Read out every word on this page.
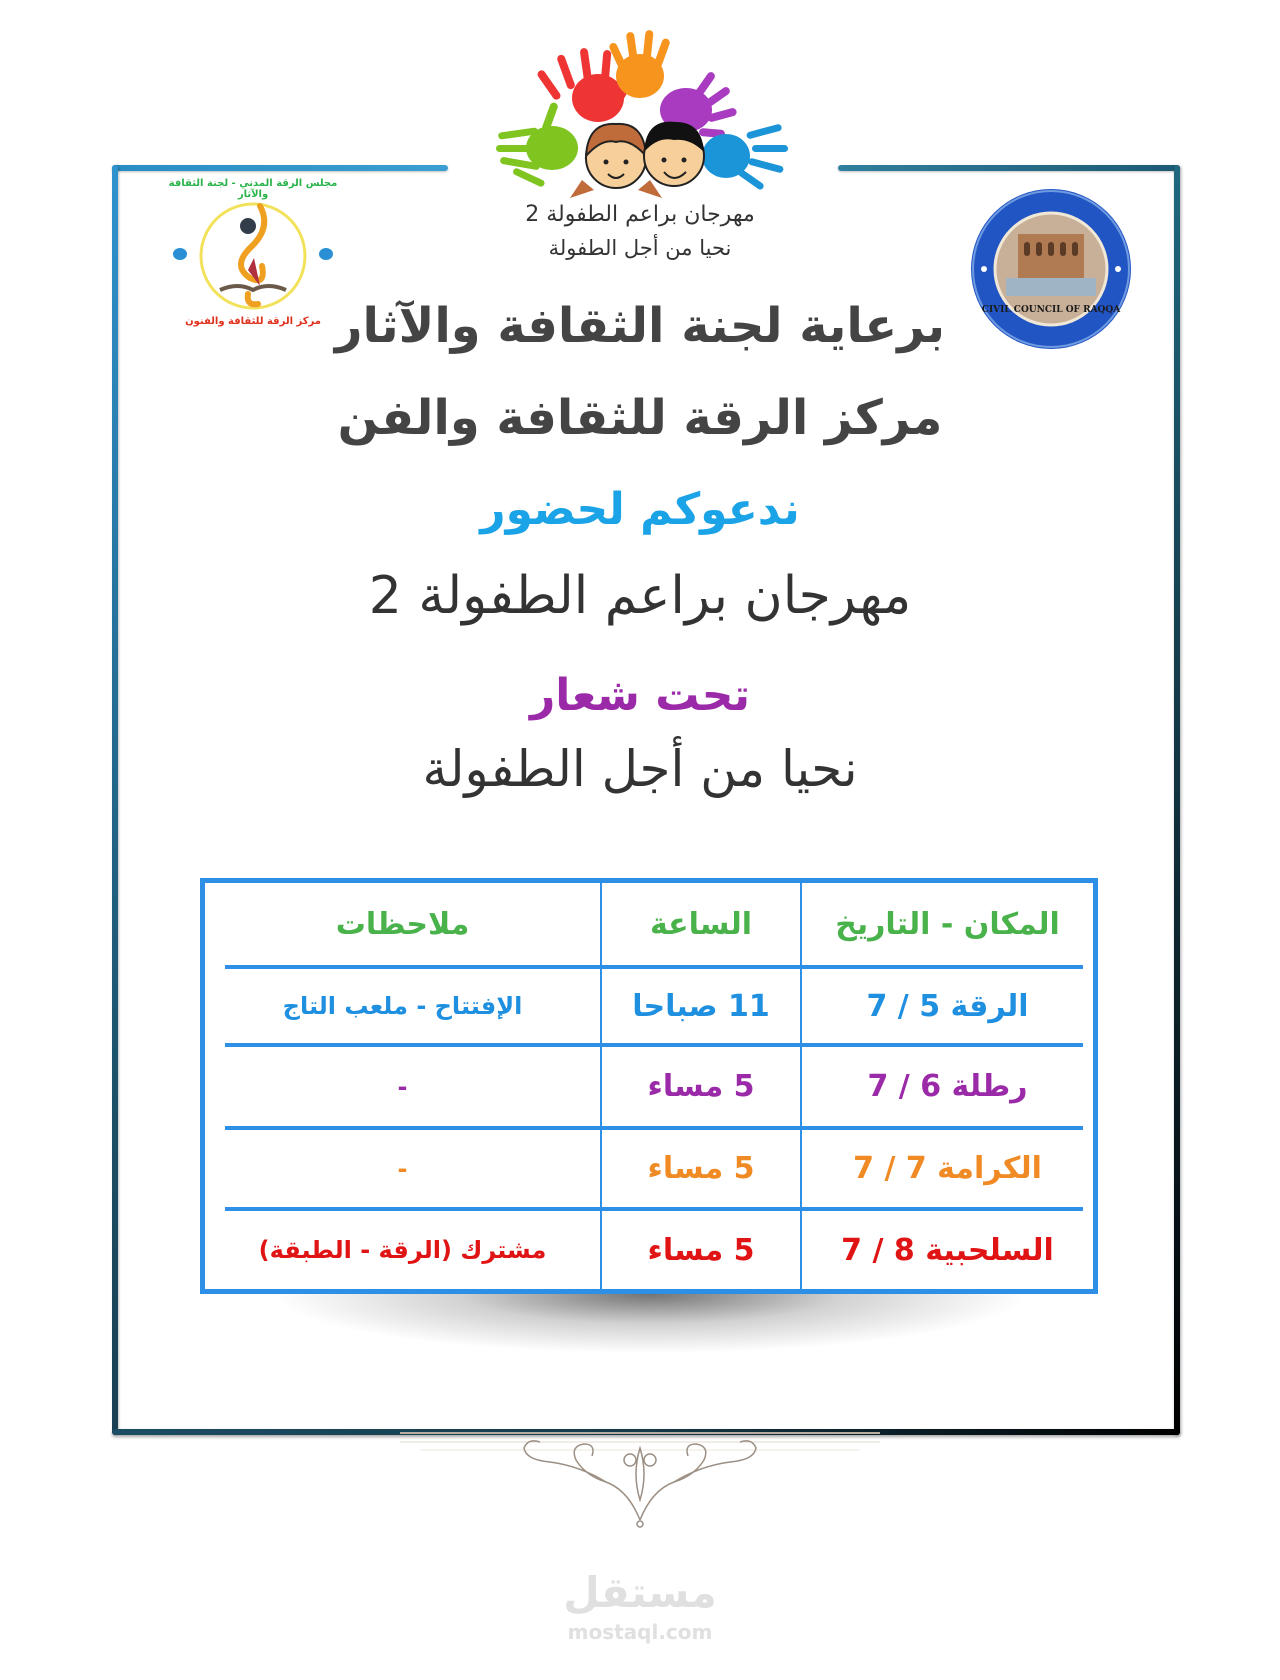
مهرجان براعم الطفولة 2
نحيا من أجل الطفولة
مجلس الرقة المدني - لجنة الثقافة والآثار
مركز الرقة للثقافة والفنون
CIVIL COUNCIL OF RAQQA
برعاية لجنة الثقافة والآثار
مركز الرقة للثقافة والفن
ندعوكم لحضور
مهرجان براعم الطفولة 2
تحت شعار
نحيا من أجل الطفولة
المكان - التاريخ
الساعة
ملاحظات
الرقة 5 / 7
11 صباحا
الإفتتاح - ملعب التاج
رطلة 6 / 7
5 مساء
-
الكرامة 7 / 7
5 مساء
-
السلحبية 8 / 7
5 مساء
مشترك (الرقة - الطبقة)
مستقل
mostaql.com
